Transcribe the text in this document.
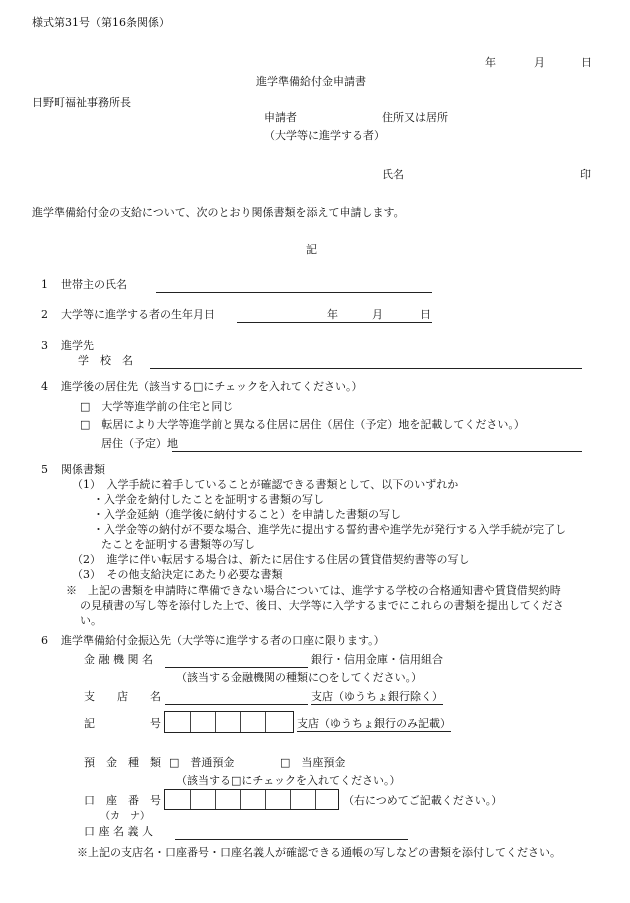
様式第31号（第16条関係）
年	月	日
進学準備給付金申請書
日野町福祉事務所長
申請者	住所又は居所
（大学等に進学する者）
氏名	印
進学準備給付金の支給について、次のとおり関係書類を添えて申請します。
記
1 世帯主の氏名
2 大学等に進学する者の生年月日	年	月	日
3 進学先
学　校　名
4 進学後の居住先（該当する□にチェックを入れてください。）
□　大学等進学前の住宅と同じ
□　転居により大学等進学前と異なる住居に居住（居住（予定）地を記載してください。）
居住（予定）地
5 関係書類
（1）　入学手続に着手していることが確認できる書類として、以下のいずれか
・入学金を納付したことを証明する書類の写し
・入学金延納（進学後に納付すること）を申請した書類の写し
・入学金等の納付が不要な場合、進学先に提出する誓約書や進学先が発行する入学手続が完了し
たことを証明する書類等の写し
（2）　進学に伴い転居する場合は、新たに居住する住居の賃貸借契約書等の写し
（3）　その他支給決定にあたり必要な書類
※　上記の書類を申請時に準備できない場合については、進学する学校の合格通知書や賃貸借契約時
の見積書の写し等を添付した上で、後日、大学等に入学するまでにこれらの書類を提出してくださ
い。
6 進学準備給付金振込先（大学等に進学する者の口座に限ります。）
金 融 機 関 名	銀行・信用金庫・信用組合
（該当する金融機関の種類に○をしてください。）
支　　店　　名	支店（ゆうちょ銀行除く）
記　　　　　号	支店（ゆうちょ銀行のみ記載）
預　金　種　類 □　普通預金	□　当座預金
（該当する□にチェックを入れてください。）
口　座　番　号	（右につめてご記載ください。）
（カ　ナ）
口 座 名 義 人
※上記の支店名・口座番号・口座名義人が確認できる通帳の写しなどの書類を添付してください。
